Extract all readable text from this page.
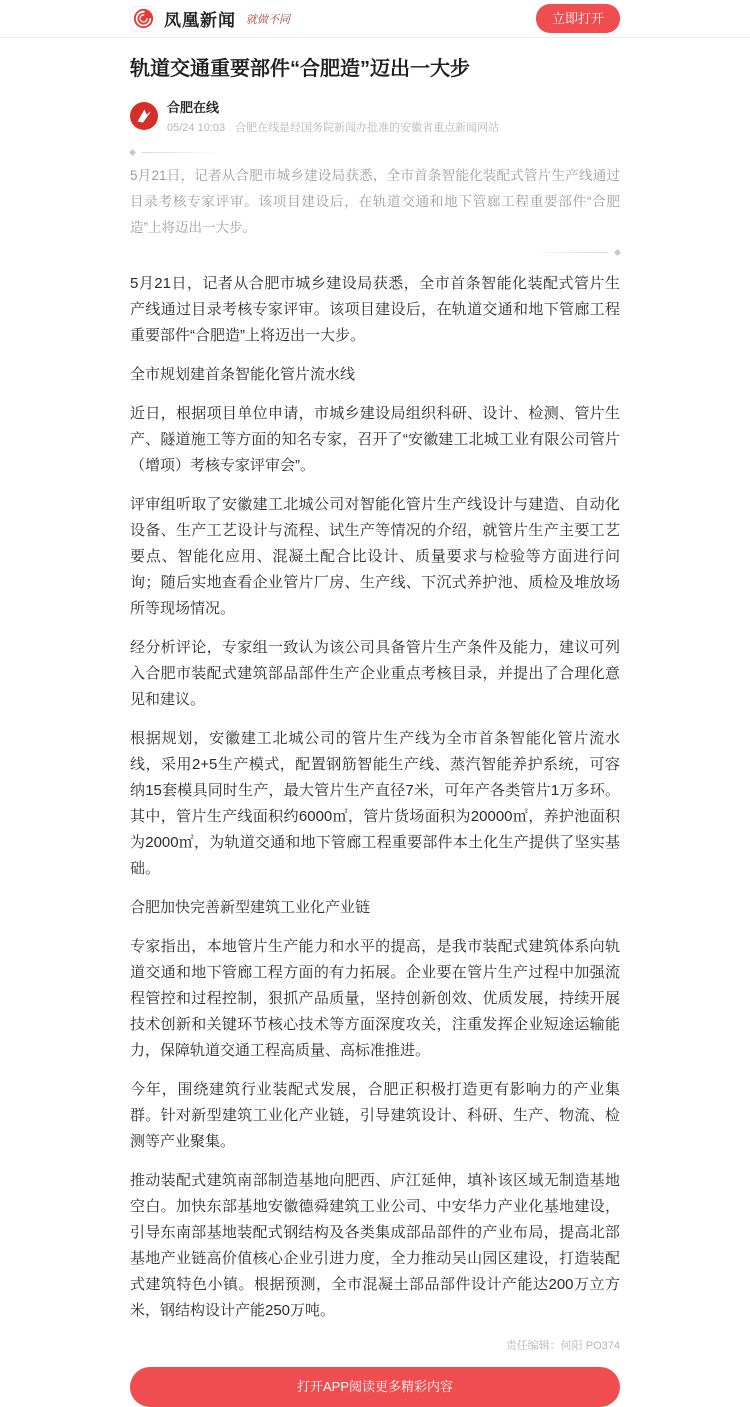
凤凰新闻 就做不同	立即打开
轨道交通重要部件“合肥造”迈出一大步
合肥在线
05/24 10:03 合肥在线是经国务院新闻办批准的安徽省重点新闻网站

5月21日，记者从合肥市城乡建设局获悉，全市首条智能化装配式管片生产线通过目录考核专家评审。该项目建设后，在轨道交通和地下管廊工程重要部件“合肥造”上将迈出一大步。

5月21日，记者从合肥市城乡建设局获悉，全市首条智能化装配式管片生产线通过目录考核专家评审。该项目建设后，在轨道交通和地下管廊工程重要部件“合肥造”上将迈出一大步。

全市规划建首条智能化管片流水线

近日，根据项目单位申请，市城乡建设局组织科研、设计、检测、管片生产、隧道施工等方面的知名专家，召开了“安徽建工北城工业有限公司管片（增项）考核专家评审会”。

评审组听取了安徽建工北城公司对智能化管片生产线设计与建造、自动化设备、生产工艺设计与流程、试生产等情况的介绍，就管片生产主要工艺要点、智能化应用、混凝土配合比设计、质量要求与检验等方面进行问询；随后实地查看企业管片厂房、生产线、下沉式养护池、质检及堆放场所等现场情况。

经分析评论，专家组一致认为该公司具备管片生产条件及能力，建议可列入合肥市装配式建筑部品部件生产企业重点考核目录，并提出了合理化意见和建议。

根据规划，安徽建工北城公司的管片生产线为全市首条智能化管片流水线，采用2+5生产模式，配置钢筋智能生产线、蒸汽智能养护系统，可容纳15套模具同时生产，最大管片生产直径7米，可年产各类管片1万多环。其中，管片生产线面积约6000㎡，管片货场面积为20000㎡，养护池面积为2000㎡，为轨道交通和地下管廊工程重要部件本土化生产提供了坚实基础。

合肥加快完善新型建筑工业化产业链

专家指出，本地管片生产能力和水平的提高，是我市装配式建筑体系向轨道交通和地下管廊工程方面的有力拓展。企业要在管片生产过程中加强流程管控和过程控制，狠抓产品质量，坚持创新创效、优质发展，持续开展技术创新和关键环节核心技术等方面深度攻关，注重发挥企业短途运输能力，保障轨道交通工程高质量、高标准推进。

今年，围绕建筑行业装配式发展，合肥正积极打造更有影响力的产业集群。针对新型建筑工业化产业链，引导建筑设计、科研、生产、物流、检测等产业聚集。

推动装配式建筑南部制造基地向肥西、庐江延伸，填补该区域无制造基地空白。加快东部基地安徽德舜建筑工业公司、中安华力产业化基地建设，引导东南部基地装配式钢结构及各类集成部品部件的产业布局，提高北部基地产业链高价值核心企业引进力度，全力推动吴山园区建设，打造装配式建筑特色小镇。根据预测，全市混凝土部品部件设计产能达200万立方米，钢结构设计产能250万吨。

责任编辑：何阳 PO374
打开APP阅读更多精彩内容
